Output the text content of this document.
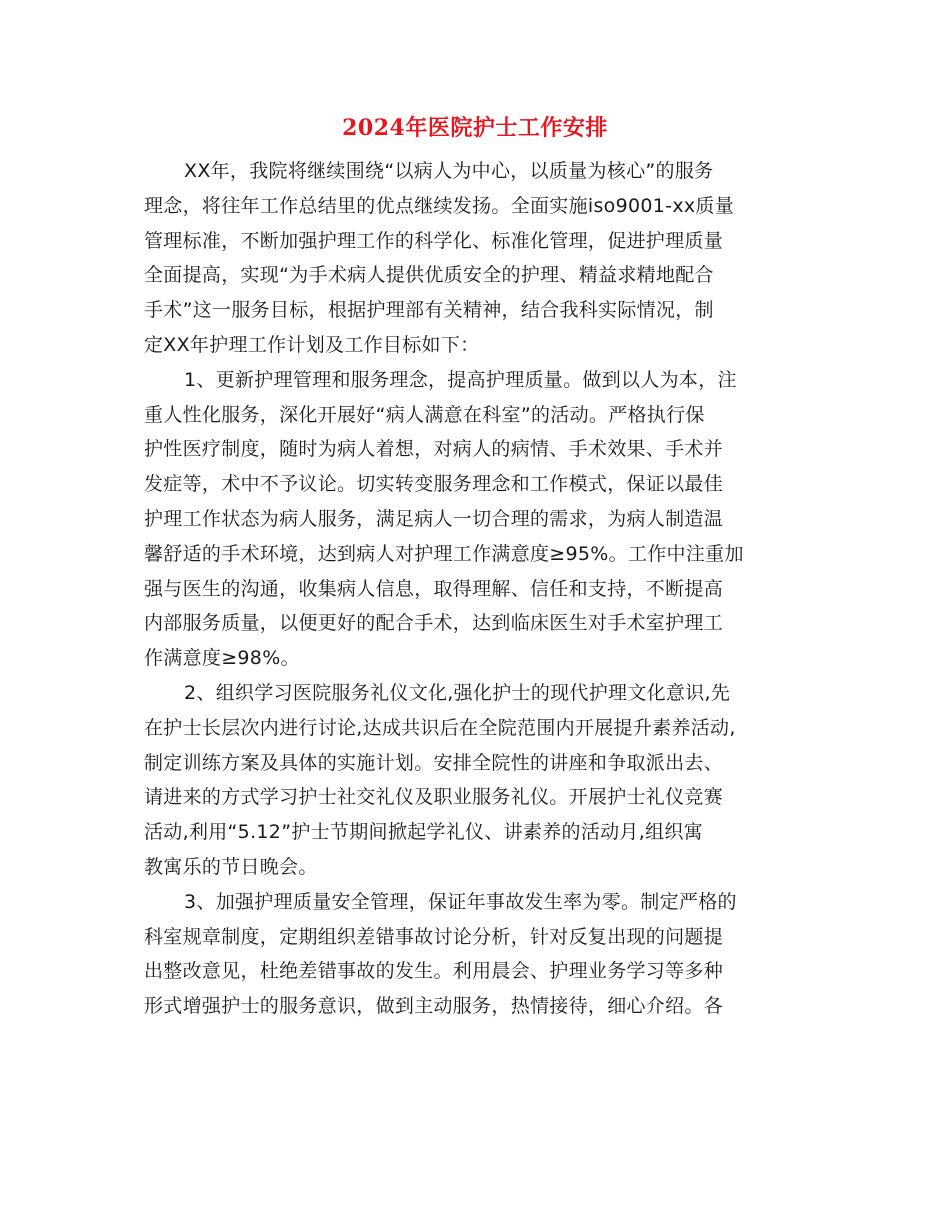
2024年医院护士工作安排
XX年，我院将继续围绕“以病人为中心，以质量为核心”的服务
理念，将往年工作总结里的优点继续发扬。全面实施iso9001-xx质量
管理标准，不断加强护理工作的科学化、标准化管理，促进护理质量
全面提高，实现“为手术病人提供优质安全的护理、精益求精地配合
手术”这一服务目标，根据护理部有关精神，结合我科实际情况，制
定XX年护理工作计划及工作目标如下：
1、更新护理管理和服务理念，提高护理质量。做到以人为本，注
重人性化服务，深化开展好“病人满意在科室”的活动。严格执行保
护性医疗制度，随时为病人着想，对病人的病情、手术效果、手术并
发症等，术中不予议论。切实转变服务理念和工作模式，保证以最佳
护理工作状态为病人服务，满足病人一切合理的需求，为病人制造温
馨舒适的手术环境，达到病人对护理工作满意度≥95%。工作中注重加
强与医生的沟通，收集病人信息，取得理解、信任和支持，不断提高
内部服务质量，以便更好的配合手术，达到临床医生对手术室护理工
作满意度≥98%。
2、组织学习医院服务礼仪文化,强化护士的现代护理文化意识,先
在护士长层次内进行讨论,达成共识后在全院范围内开展提升素养活动,
制定训练方案及具体的实施计划。安排全院性的讲座和争取派出去、
请进来的方式学习护士社交礼仪及职业服务礼仪。开展护士礼仪竞赛
活动,利用“5.12”护士节期间掀起学礼仪、讲素养的活动月,组织寓
教寓乐的节日晚会。
3、加强护理质量安全管理，保证年事故发生率为零。制定严格的
科室规章制度，定期组织差错事故讨论分析，针对反复出现的问题提
出整改意见，杜绝差错事故的发生。利用晨会、护理业务学习等多种
形式增强护士的服务意识，做到主动服务，热情接待，细心介绍。各
